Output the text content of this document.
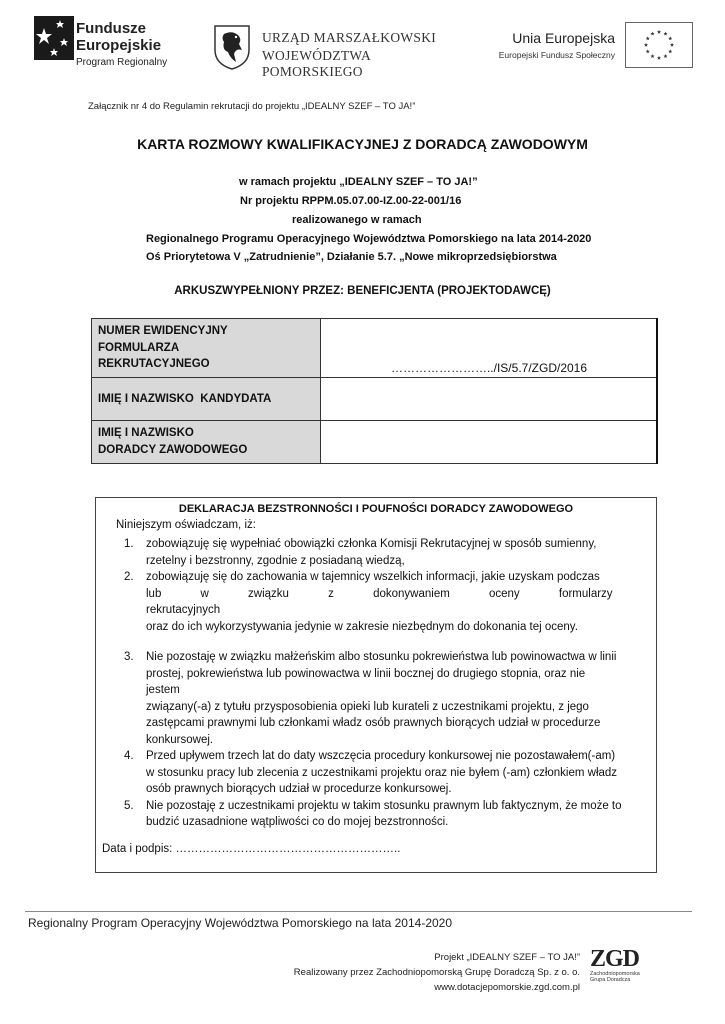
Fundusze
Europejskie
Program Regionalny
URZĄD MARSZAŁKOWSKI
WOJEWÓDZTWA POMORSKIEGO
Unia Europejska
Europejski Fundusz Społeczny
Załącznik nr 4 do Regulamin rekrutacji do projektu „IDEALNY SZEF – TO JA!”
KARTA ROZMOWY KWALIFIKACYJNEJ Z DORADCĄ ZAWODOWYM
w ramach projektu „IDEALNY SZEF – TO JA!”
Nr projektu RPPM.05.07.00-IZ.00-22-001/16
realizowanego w ramach
Regionalnego Programu Operacyjnego Województwa Pomorskiego na lata 2014-2020
Oś Priorytetowa V „Zatrudnienie”, Działanie 5.7. „Nowe mikroprzedsiębiorstwa
ARKUSZWYPEŁNIONY PRZEZ: BENEFICJENTA (PROJEKTODAWCĘ)
NUMER EWIDENCYJNY
FORMULARZA
REKRUTACYJNEGO	……………………../IS/5.7/ZGD/2016
IMIĘ I NAZWISKO  KANDYDATA	
IMIĘ I NAZWISKO
DORADCY ZAWODOWEGO	
DEKLARACJA BEZSTRONNOŚCI I POUFNOŚCI DORADCY ZAWODOWEGO
Niniejszym oświadczam, iż:
1. zobowiązuję się wypełniać obowiązki członka Komisji Rekrutacyjnej w sposób sumienny,
rzetelny i bezstronny, zgodnie z posiadaną wiedzą,
2. zobowiązuję się do zachowania w tajemnicy wszelkich informacji, jakie uzyskam podczas
lub w związku z dokonywaniem oceny formularzy rekrutacyjnych
oraz do ich wykorzystywania jedynie w zakresie niezbędnym do dokonania tej oceny.
3. Nie pozostaję w związku małżeńskim albo stosunku pokrewieństwa lub powinowactwa w linii
prostej, pokrewieństwa lub powinowactwa w linii bocznej do drugiego stopnia, oraz nie
jestem
związany(-a) z tytułu przysposobienia opieki lub kurateli z uczestnikami projektu, z jego
zastępcami prawnymi lub członkami władz osób prawnych biorących udział w procedurze
konkursowej.
4. Przed upływem trzech lat do daty wszczęcia procedury konkursowej nie pozostawałem(-am)
w stosunku pracy lub zlecenia z uczestnikami projektu oraz nie byłem (-am) członkiem władz
osób prawnych biorących udział w procedurze konkursowej.
5. Nie pozostaję z uczestnikami projektu w takim stosunku prawnym lub faktycznym, że może to
budzić uzasadnione wątpliwości co do mojej bezstronności.
Data i podpis: …………………………………………………..
Regionalny Program Operacyjny Województwa Pomorskiego na lata 2014-2020
Projekt „IDEALNY SZEF – TO JA!”
Realizowany przez Zachodniopomorską Grupę Doradczą Sp. z o. o.
www.dotacjepomorskie.zgd.com.pl
ZGD
Zachodniopomorska
Grupa Doradcza
